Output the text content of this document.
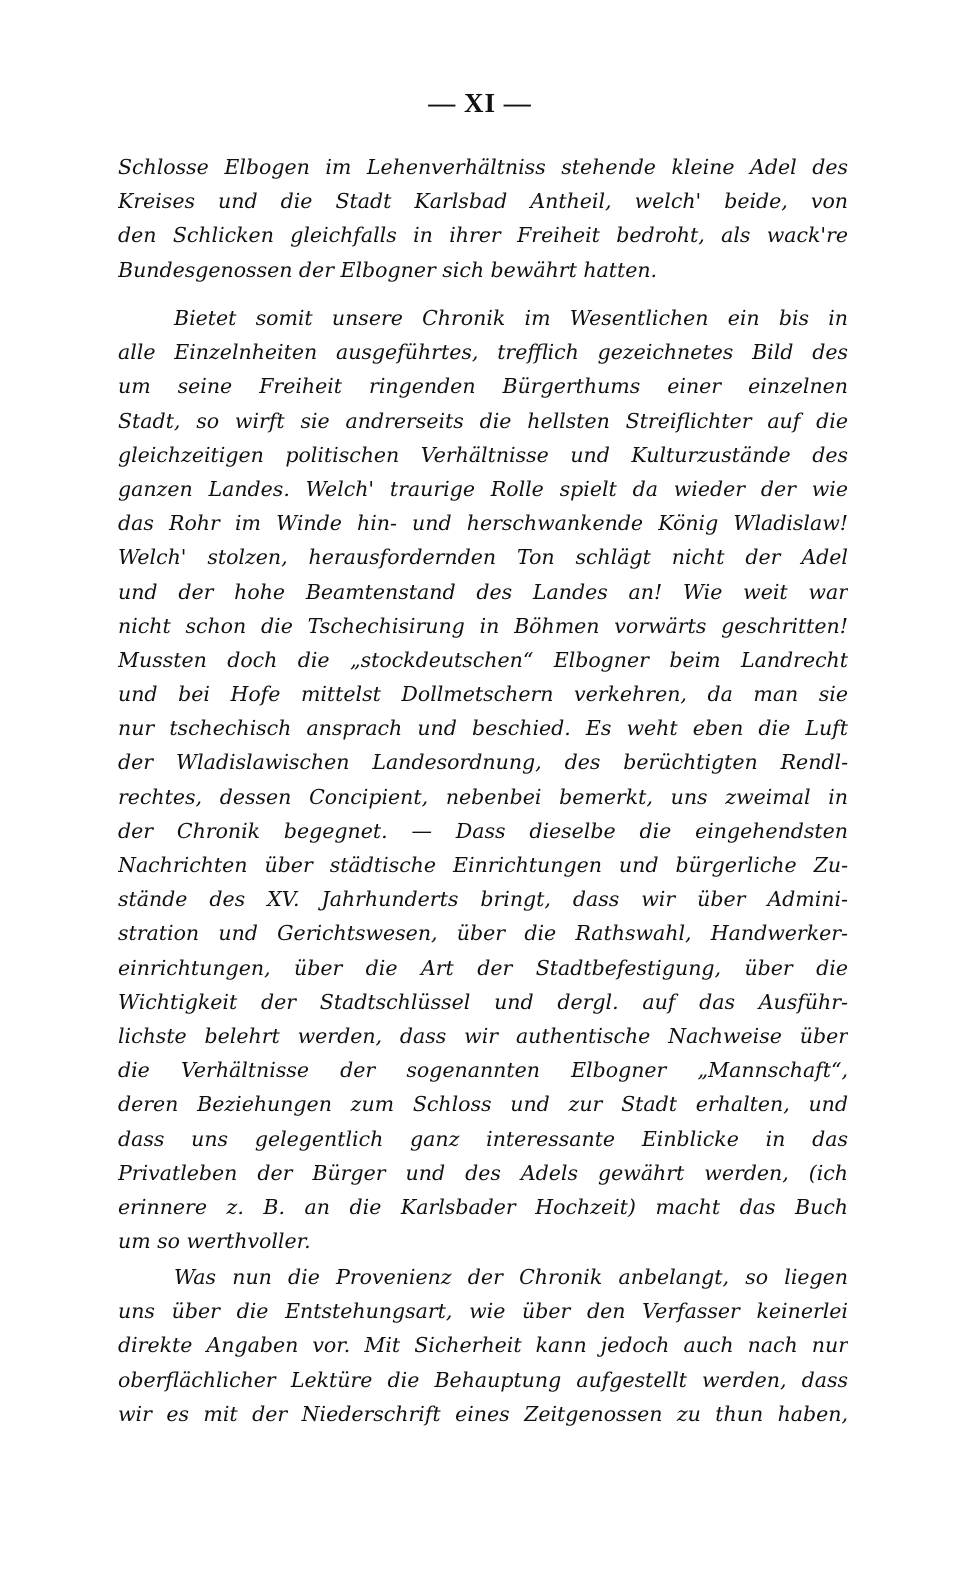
— XI —
Schlosse Elbogen im Lehenverhältniss stehende kleine Adel des
Kreises und die Stadt Karlsbad Antheil, welch' beide, von
den Schlicken gleichfalls in ihrer Freiheit bedroht, als wack're
Bundesgenossen der Elbogner sich bewährt hatten.
Bietet somit unsere Chronik im Wesentlichen ein bis in
alle Einzelnheiten ausgeführtes, trefflich gezeichnetes Bild des
um seine Freiheit ringenden Bürgerthums einer einzelnen
Stadt, so wirft sie andrerseits die hellsten Streiflichter auf die
gleichzeitigen politischen Verhältnisse und Kulturzustände des
ganzen Landes. Welch' traurige Rolle spielt da wieder der wie
das Rohr im Winde hin- und herschwankende König Wladislaw!
Welch' stolzen, herausfordernden Ton schlägt nicht der Adel
und der hohe Beamtenstand des Landes an! Wie weit war
nicht schon die Tschechisirung in Böhmen vorwärts geschritten!
Mussten doch die „stockdeutschen“ Elbogner beim Landrecht
und bei Hofe mittelst Dollmetschern verkehren, da man sie
nur tschechisch ansprach und beschied. Es weht eben die Luft
der Wladislawischen Landesordnung, des berüchtigten Rendl-
rechtes, dessen Concipient, nebenbei bemerkt, uns zweimal in
der Chronik begegnet. — Dass dieselbe die eingehendsten
Nachrichten über städtische Einrichtungen und bürgerliche Zu-
stände des XV. Jahrhunderts bringt, dass wir über Admini-
stration und Gerichtswesen, über die Rathswahl, Handwerker-
einrichtungen, über die Art der Stadtbefestigung, über die
Wichtigkeit der Stadtschlüssel und dergl. auf das Ausführ-
lichste belehrt werden, dass wir authentische Nachweise über
die Verhältnisse der sogenannten Elbogner „Mannschaft“,
deren Beziehungen zum Schloss und zur Stadt erhalten, und
dass uns gelegentlich ganz interessante Einblicke in das
Privatleben der Bürger und des Adels gewährt werden, (ich
erinnere z. B. an die Karlsbader Hochzeit) macht das Buch
um so werthvoller.
Was nun die Provenienz der Chronik anbelangt, so liegen
uns über die Entstehungsart, wie über den Verfasser keinerlei
direkte Angaben vor. Mit Sicherheit kann jedoch auch nach nur
oberflächlicher Lektüre die Behauptung aufgestellt werden, dass
wir es mit der Niederschrift eines Zeitgenossen zu thun haben,
